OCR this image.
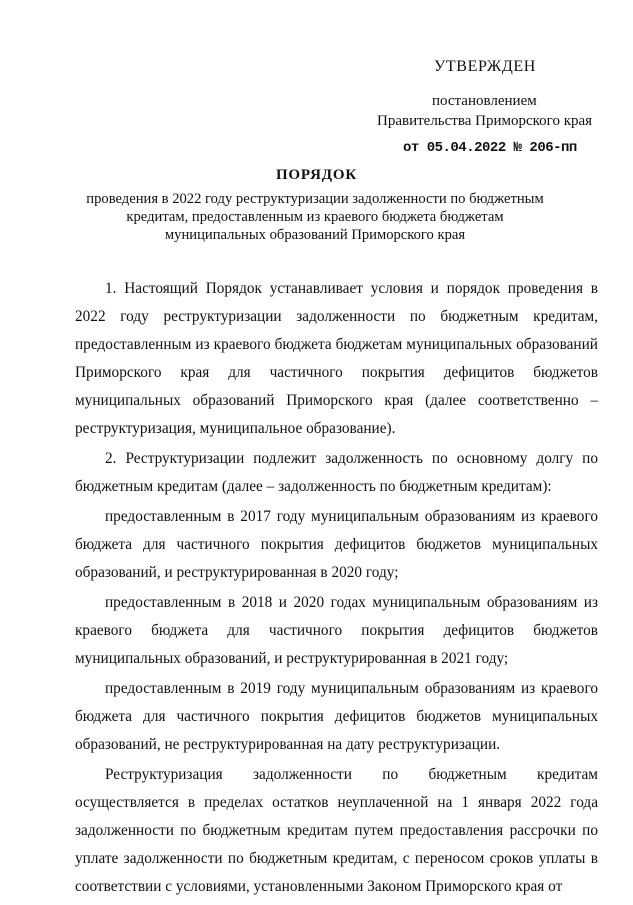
УТВЕРЖДЕН
постановлением
Правительства Приморского края
от 05.04.2022 № 206-пп
ПОРЯДОК
проведения в 2022 году реструктуризации задолженности по бюджетным кредитам, предоставленным из краевого бюджета бюджетам муниципальных образований Приморского края

1. Настоящий Порядок устанавливает условия и порядок проведения в 2022 году реструктуризации задолженности по бюджетным кредитам, предоставленным из краевого бюджета бюджетам муниципальных образований Приморского края для частичного покрытия дефицитов бюджетов муниципальных образований Приморского края (далее соответственно – реструктуризация, муниципальное образование).

2. Реструктуризации подлежит задолженность по основному долгу по бюджетным кредитам (далее – задолженность по бюджетным кредитам):

предоставленным в 2017 году муниципальным образованиям из краевого бюджета для частичного покрытия дефицитов бюджетов муниципальных образований, и реструктурированная в 2020 году;

предоставленным в 2018 и 2020 годах муниципальным образованиям из краевого бюджета для частичного покрытия дефицитов бюджетов муниципальных образований, и реструктурированная в 2021 году;

предоставленным в 2019 году муниципальным образованиям из краевого бюджета для частичного покрытия дефицитов бюджетов муниципальных образований, не реструктурированная на дату реструктуризации.

Реструктуризация задолженности по бюджетным кредитам осуществляется в пределах остатков неуплаченной на 1 января 2022 года задолженности по бюджетным кредитам путем предоставления рассрочки по уплате задолженности по бюджетным кредитам, с переносом сроков уплаты в соответствии с условиями, установленными Законом Приморского края от
